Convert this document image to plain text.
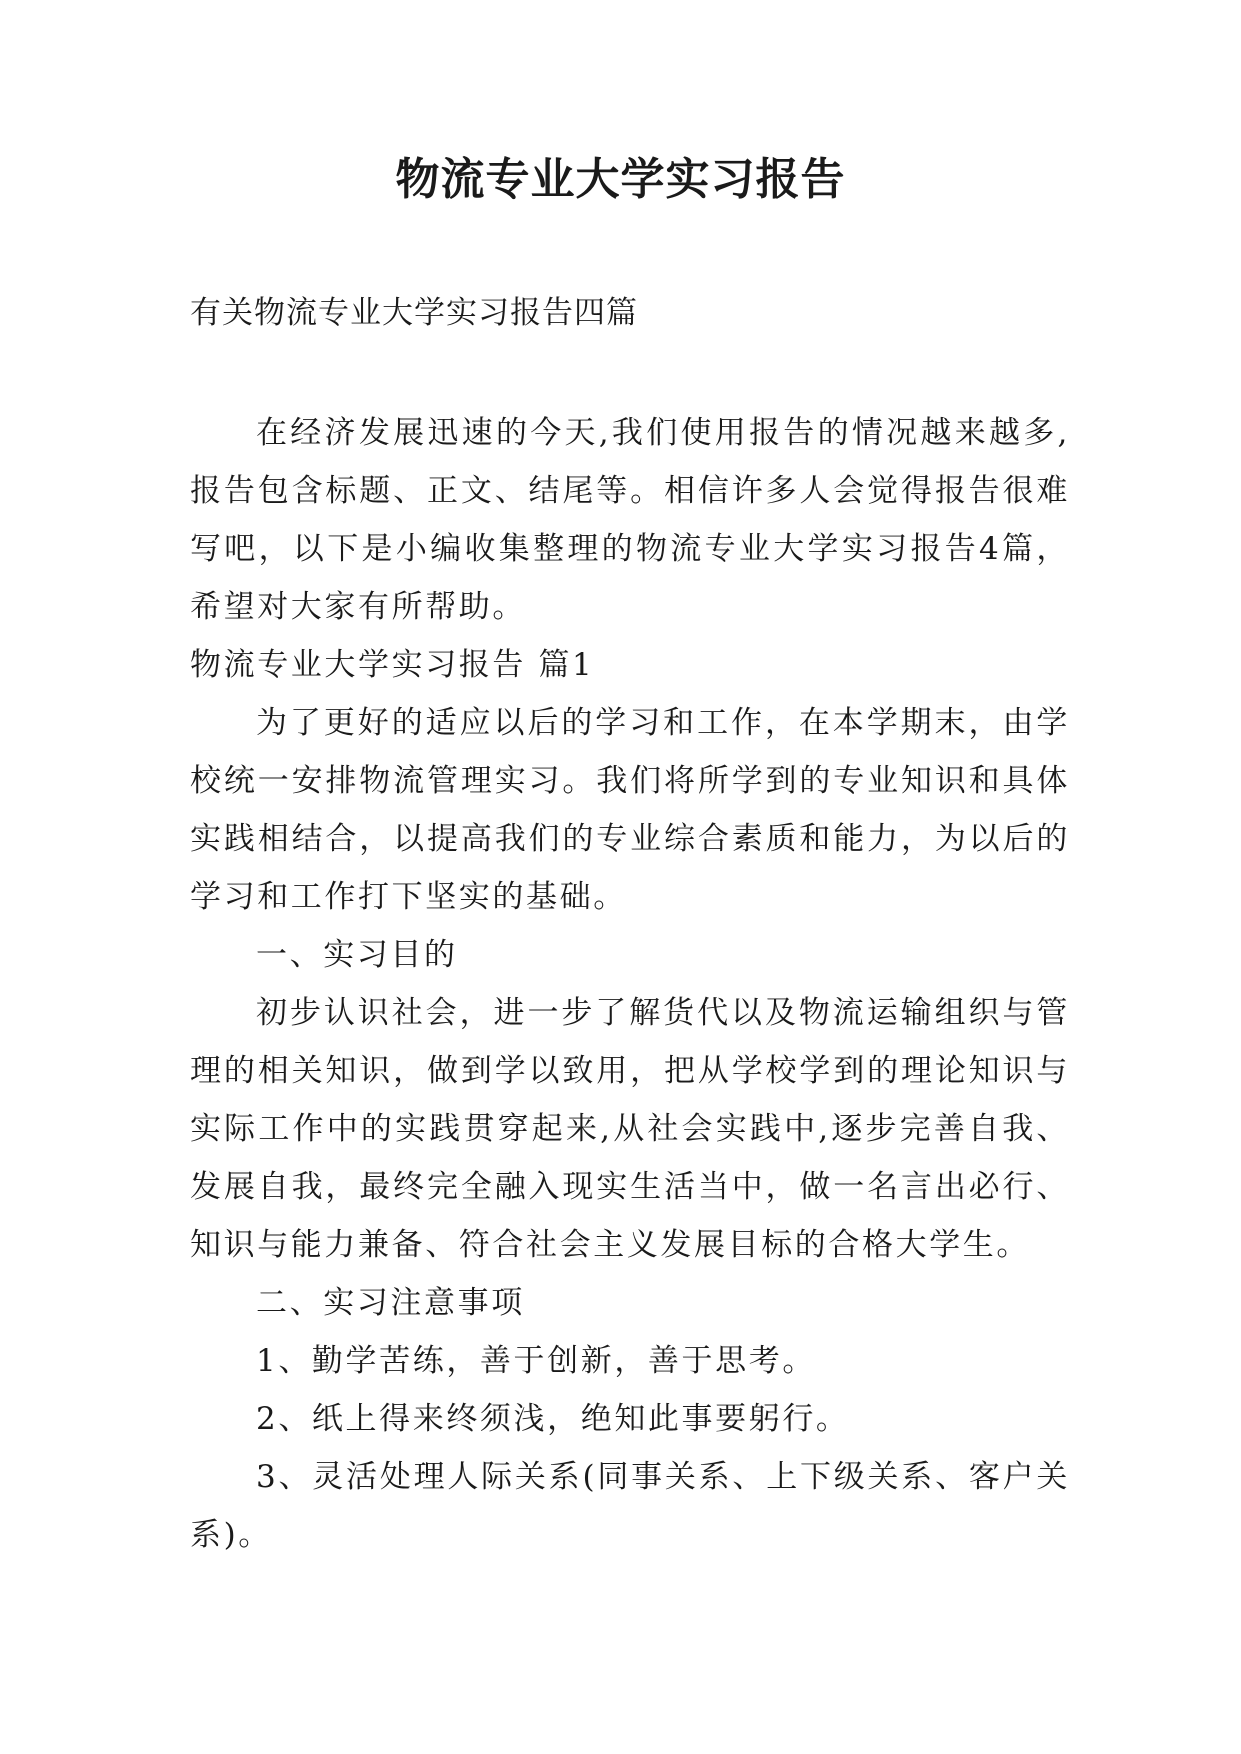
物流专业大学实习报告

有关物流专业大学实习报告四篇

在经济发展迅速的今天,我们使用报告的情况越来越多,报告包含标题、正文、结尾等。相信许多人会觉得报告很难写吧，以下是小编收集整理的物流专业大学实习报告4篇，希望对大家有所帮助。

物流专业大学实习报告 篇1

为了更好的适应以后的学习和工作，在本学期末，由学校统一安排物流管理实习。我们将所学到的专业知识和具体实践相结合，以提高我们的专业综合素质和能力，为以后的学习和工作打下坚实的基础。

一、实习目的

初步认识社会，进一步了解货代以及物流运输组织与管理的相关知识，做到学以致用，把从学校学到的理论知识与实际工作中的实践贯穿起来,从社会实践中,逐步完善自我、发展自我，最终完全融入现实生活当中，做一名言出必行、知识与能力兼备、符合社会主义发展目标的合格大学生。

二、实习注意事项

1、勤学苦练，善于创新，善于思考。

2、纸上得来终须浅，绝知此事要躬行。

3、灵活处理人际关系(同事关系、上下级关系、客户关系)。
